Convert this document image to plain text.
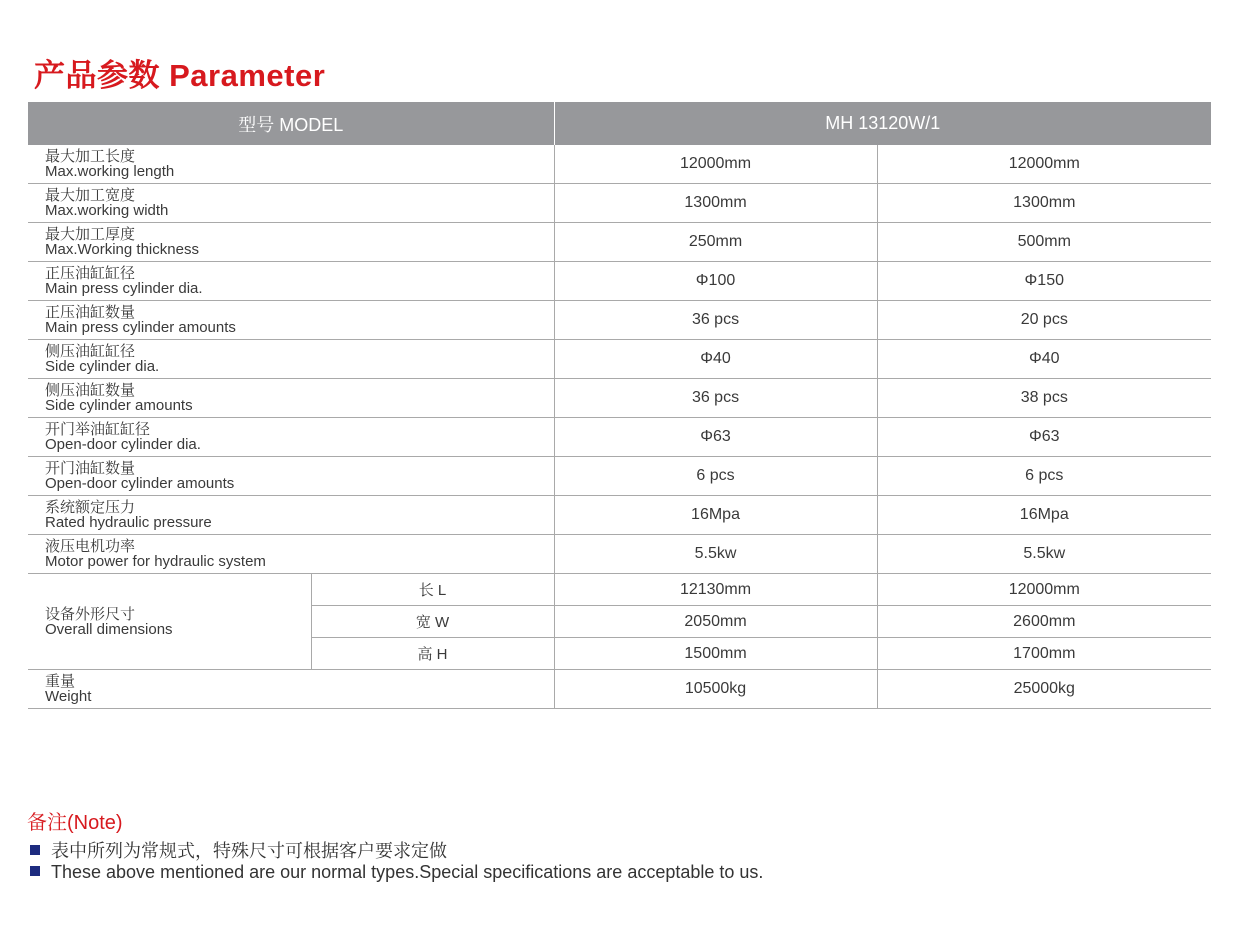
产品参数 Parameter
型号 MODEL		MH 13120W/1	

最大加工长度
Max.working length		12000mm	12000mm

最大加工宽度
Max.working width		1300mm	1300mm

最大加工厚度
Max.Working thickness		250mm	500mm

正压油缸缸径
Main press cylinder dia.		Φ100	Φ150

正压油缸数量
Main press cylinder amounts		36 pcs	20 pcs

侧压油缸缸径
Side cylinder dia.		Φ40	Φ40

侧压油缸数量
Side cylinder amounts		36 pcs	38 pcs

开门举油缸缸径
Open-door cylinder dia.		Φ63	Φ63

开门油缸数量
Open-door cylinder amounts		6 pcs	6 pcs

系统额定压力
Rated hydraulic pressure		16Mpa	16Mpa

液压电机功率
Motor power for hydraulic system		5.5kw	5.5kw

设备外形尺寸
Overall dimensions	长 L	12130mm	12000mm
	宽 W	2050mm	2600mm
	高 H	1500mm	1700mm

重量
Weight		10500kg	25000kg
备注(Note)
表中所列为常规式，特殊尺寸可根据客户要求定做
These above mentioned are our normal types.Special specifications are acceptable to us.
